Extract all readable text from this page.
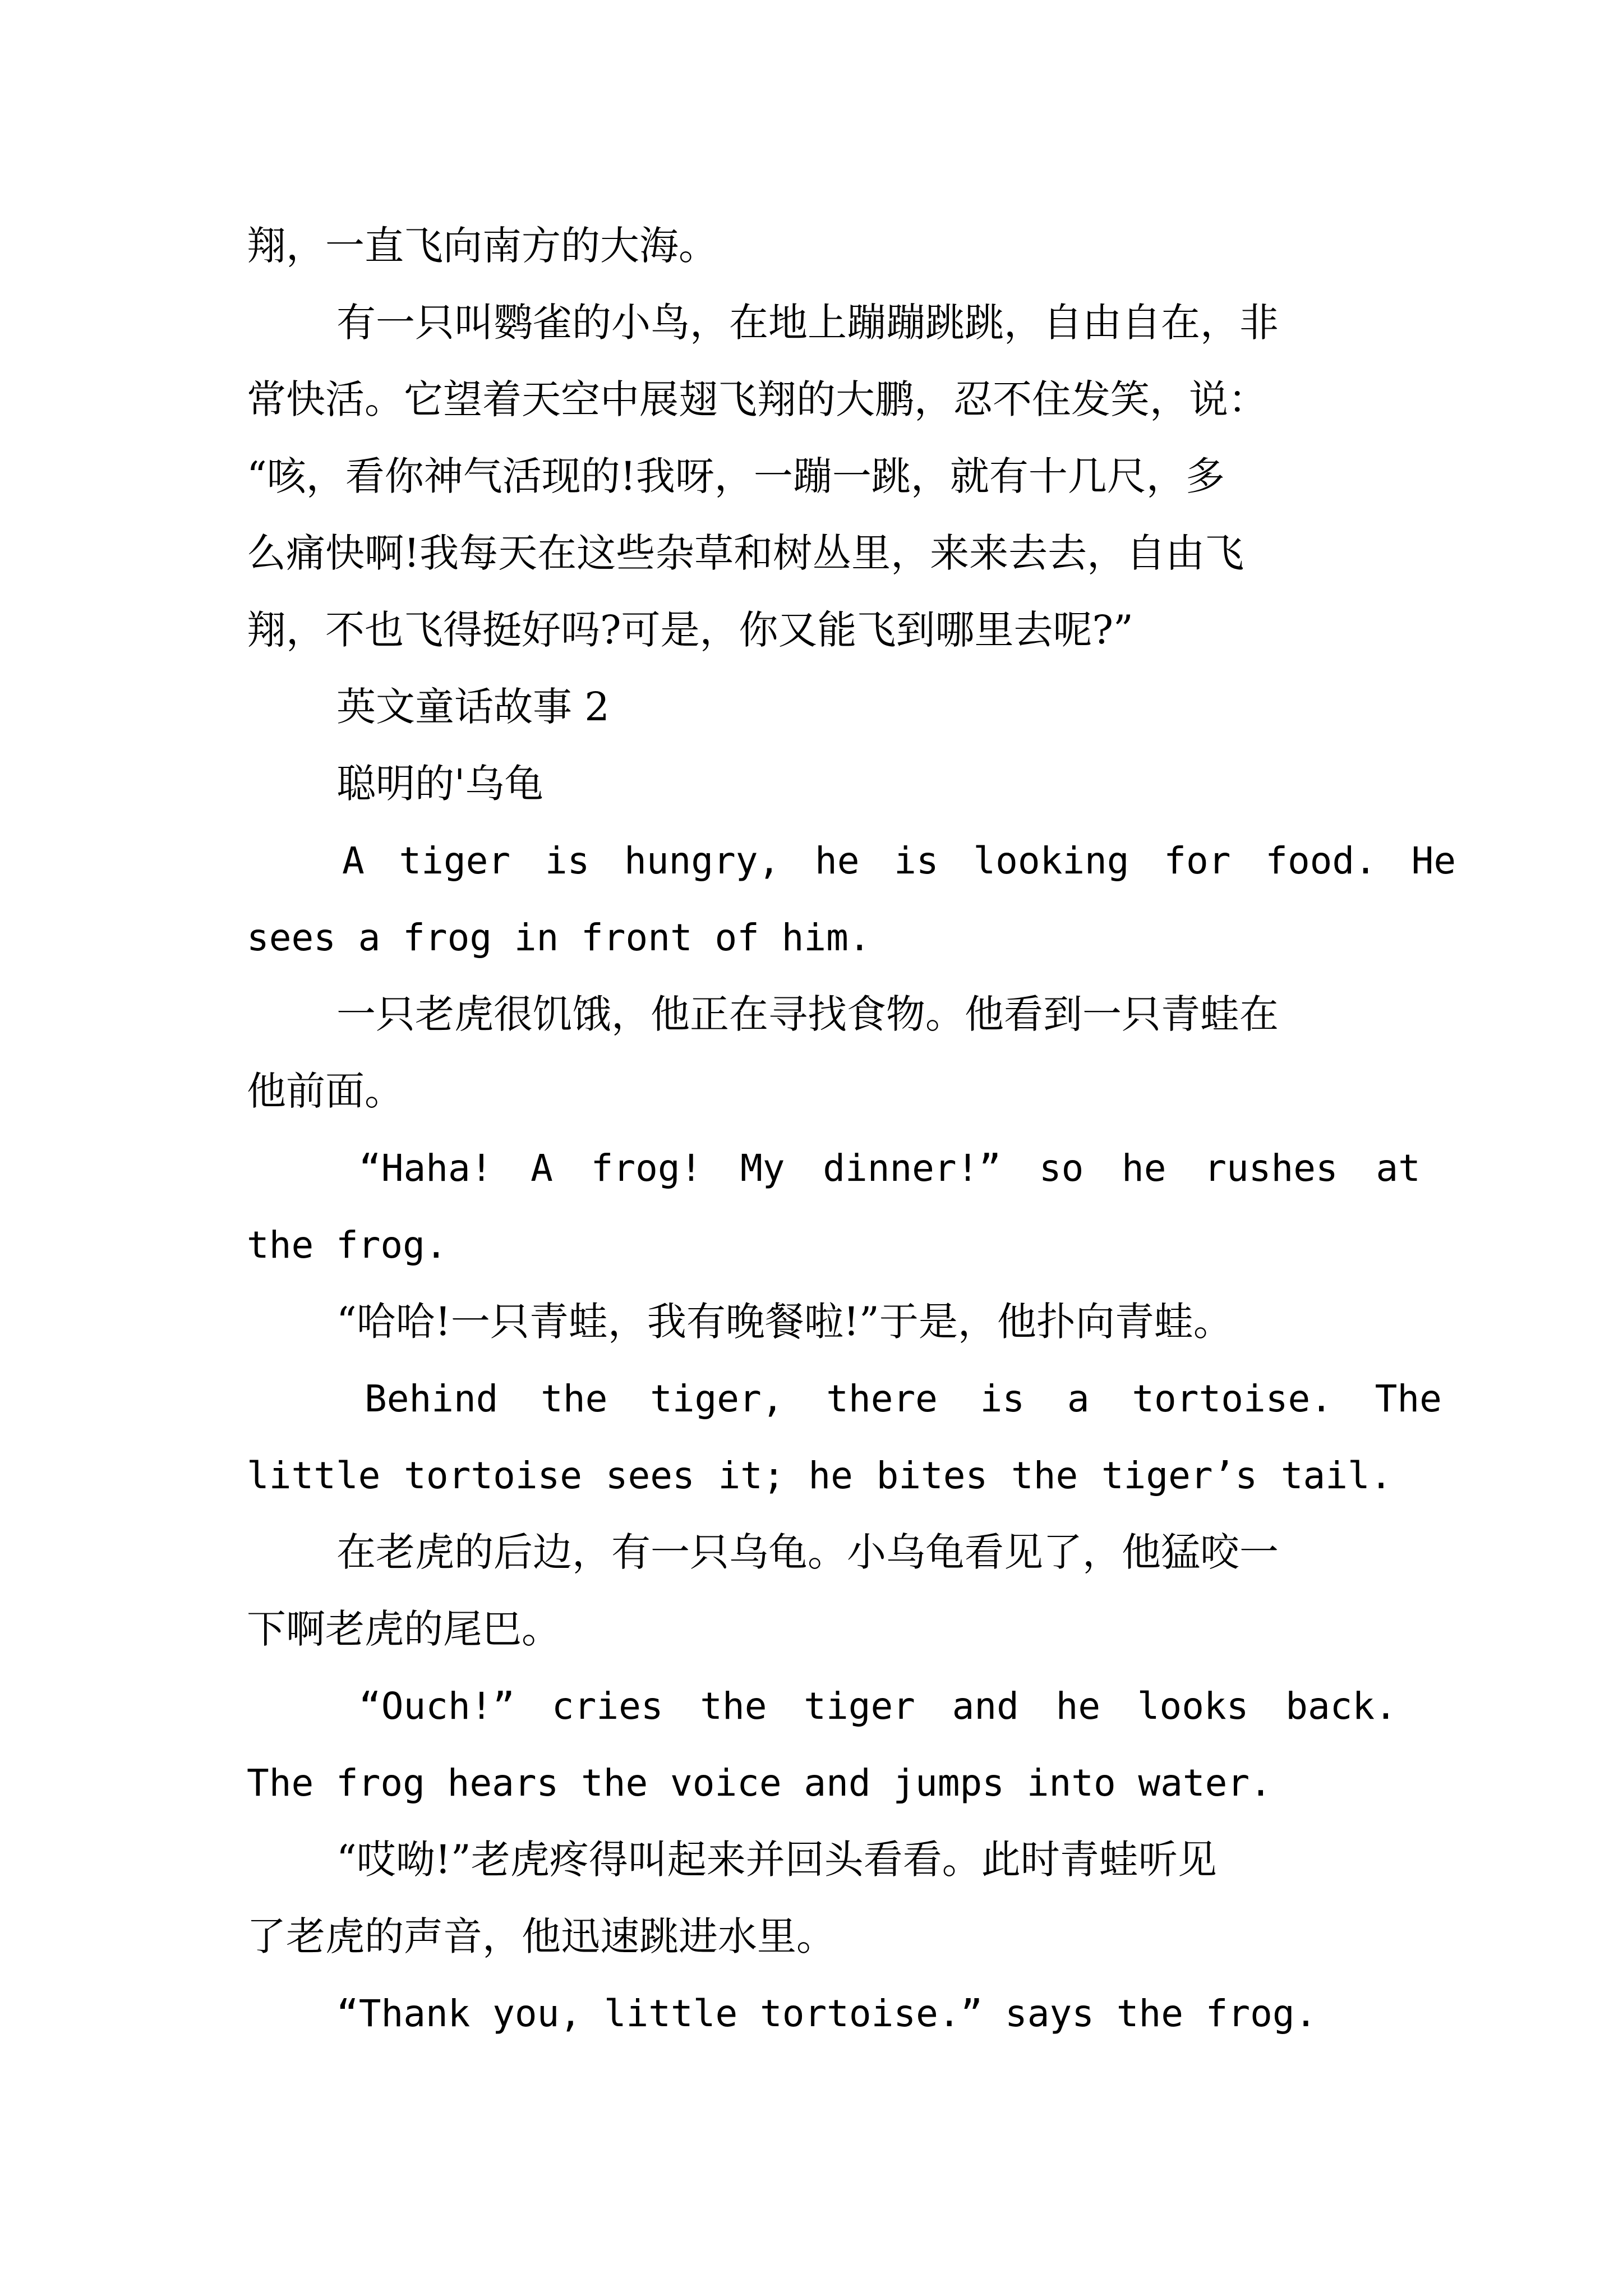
翔，一直飞向南方的大海。
有一只叫鹦雀的小鸟，在地上蹦蹦跳跳，自由自在，非
常快活。它望着天空中展翅飞翔的大鹏，忍不住发笑，说：
“咳，看你神气活现的!我呀，一蹦一跳，就有十几尺，多
么痛快啊!我每天在这些杂草和树丛里，来来去去，自由飞
翔，不也飞得挺好吗?可是，你又能飞到哪里去呢?”
英文童话故事 2
聪明的'乌龟
A tiger is hungry, he is looking for food. He
sees a frog in front of him.
一只老虎很饥饿，他正在寻找食物。他看到一只青蛙在
他前面。
“Haha! A frog! My dinner!” so he rushes at
the frog.
“哈哈!一只青蛙，我有晚餐啦!”于是，他扑向青蛙。
Behind the tiger, there is a tortoise. The
little tortoise sees it; he bites the tiger’s tail.
在老虎的后边，有一只乌龟。小乌龟看见了，他猛咬一
下啊老虎的尾巴。
“Ouch!” cries the tiger and he looks back.
The frog hears the voice and jumps into water.
“哎呦!”老虎疼得叫起来并回头看看。此时青蛙听见
了老虎的声音，他迅速跳进水里。
“Thank you, little tortoise.” says the frog.
